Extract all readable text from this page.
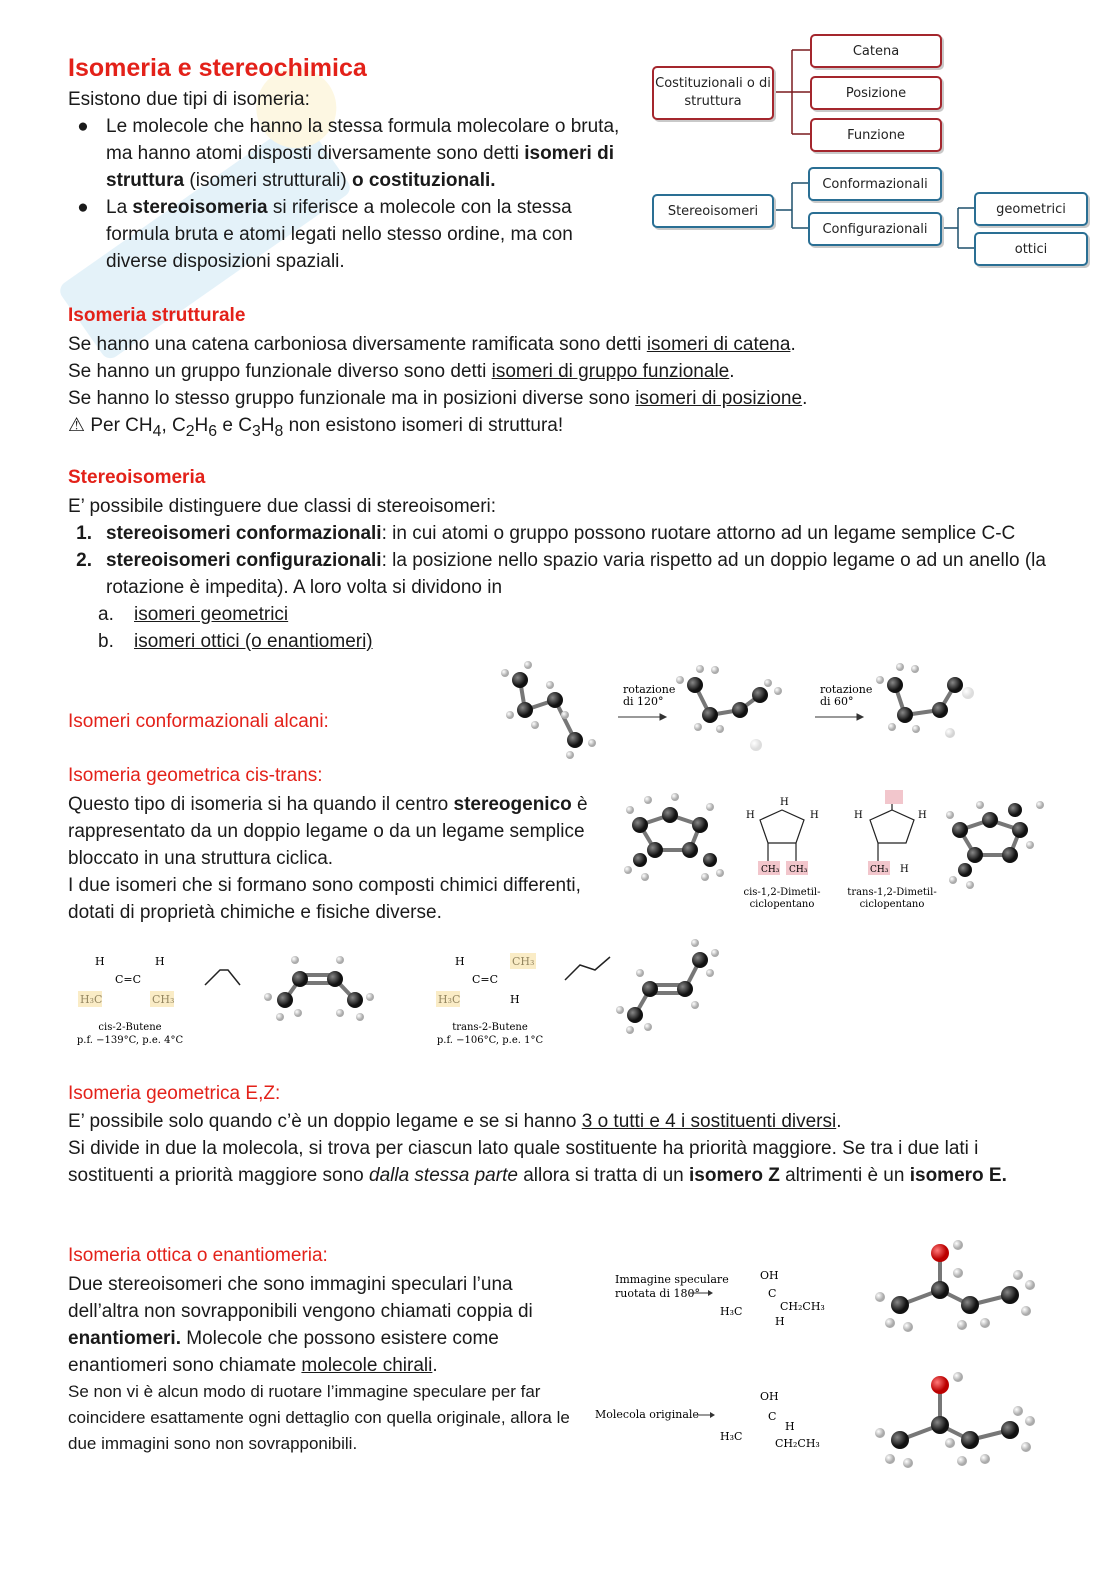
Isomeria e stereochimica
Esistono due tipi di isomeria:
● Le molecole che hanno la stessa formula molecolare o bruta, ma hanno atomi disposti diversamente sono detti isomeri di struttura (isomeri strutturali) o costituzionali.
● La stereoisomeria si riferisce a molecole con la stessa formula bruta e atomi legati nello stesso ordine, ma con diverse disposizioni spaziali.
Costituzionali o di struttura
Catena
Posizione
Funzione
Stereoisomeri
Conformazionali
Configurazionali
geometrici
ottici
Isomeria strutturale
Se hanno una catena carboniosa diversamente ramificata sono detti isomeri di catena.
Se hanno un gruppo funzionale diverso sono detti isomeri di gruppo funzionale.
Se hanno lo stesso gruppo funzionale ma in posizioni diverse sono isomeri di posizione.
⚠ Per $CH_4$, $C_2H_6$ e $C_3H_8$ non esistono isomeri di struttura!
Stereoisomeria
E’ possibile distinguere due classi di stereoisomeri:
1. stereoisomeri conformazionali: in cui atomi o gruppo possono ruotare attorno ad un legame semplice C-C
2. stereoisomeri configurazionali: la posizione nello spazio varia rispetto ad un doppio legame o ad un anello (la rotazione è impedita). A loro volta si dividono in
a.	isomeri geometrici
b.	isomeri ottici (o enantiomeri)
Isomeri conformazionali alcani:
rotazione
di 120°
rotazione
di 60°
Isomeria geometrica cis-trans:
Questo tipo di isomeria si ha quando il centro stereogenico è rappresentato da un doppio legame o da un legame semplice bloccato in una struttura ciclica.
I due isomeri che si formano sono composti chimici differenti, dotati di proprietà chimiche e fisiche diverse.
H
H	H
CH₃ CH₃
H	H
CH₃ H
cis-1,2-Dimetil-
ciclopentano
trans-1,2-Dimetil-
ciclopentano
H	H
C=C
H
C=C
H
cis-2-Butene
p.f. −139°C, p.e. 4°C
trans-2-Butene
p.f. −106°C, p.e. 1°C
Isomeria geometrica E,Z:
E’ possibile solo quando c’è un doppio legame e se si hanno 3 o tutti e 4 i sostituenti diversi.
Si divide in due la molecola, si trova per ciascun lato quale sostituente ha priorità maggiore. Se tra i due lati i sostituenti a priorità maggiore sono dalla stessa parte allora si tratta di un isomero Z altrimenti è un isomero E.
Isomeria ottica o enantiomeria:
Due stereoisomeri che sono immagini speculari l’una dell’altra non sovrapponibili vengono chiamati coppia di enantiomeri. Molecole che possono esistere come enantiomeri sono chiamate molecole chirali.
Se non vi è alcun modo di ruotare l’immagine speculare per far coincidere esattamente ogni dettaglio con quella originale, allora le due immagini sono non sovrapponibili.
Immagine speculare
ruotata di 180°
OH
C
H₃C	CH₂CH₃
H
Molecola originale
OH
C
H₃C
H
CH₂CH₃
